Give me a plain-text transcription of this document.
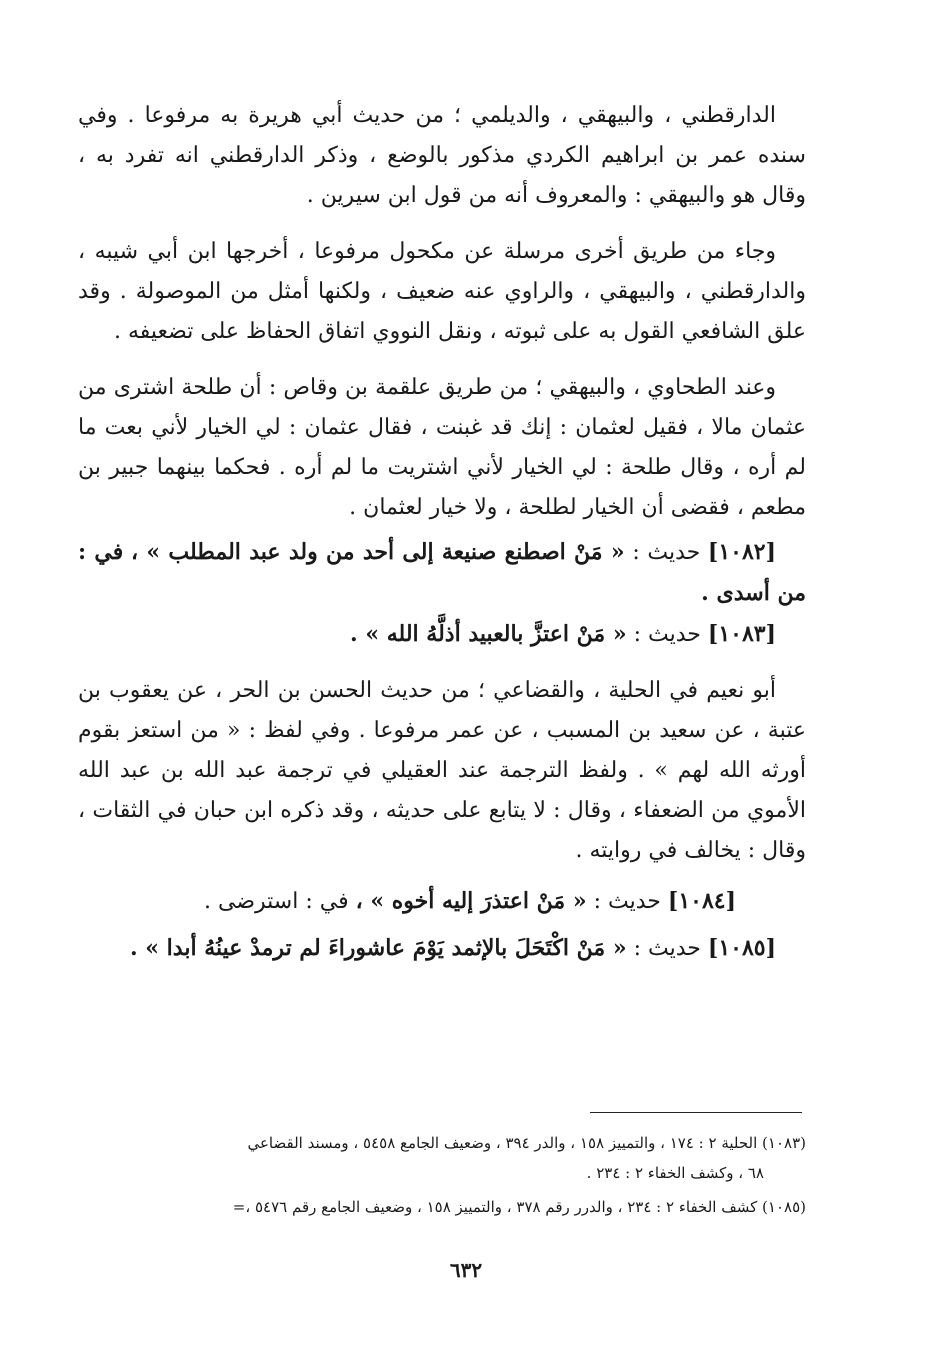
الدارقطني ، والبيهقي ، والديلمي ؛ من حديث أبي هريرة به مرفوعا . وفي سنده عمر بن ابراهيم الكردي مذكور بالوضع ، وذكر الدارقطني انه تفرد به ، وقال هو والبيهقي : والمعروف أنه من قول ابن سيرين .

وجاء من طريق أخرى مرسلة عن مكحول مرفوعا ، أخرجها ابن أبي شيبه ، والدارقطني ، والبيهقي ، والراوي عنه ضعيف ، ولكنها أمثل من الموصولة . وقد علق الشافعي القول به على ثبوته ، ونقل النووي اتفاق الحفاظ على تضعيفه .

وعند الطحاوي ، والبيهقي ؛ من طريق علقمة بن وقاص : أن طلحة اشترى من عثمان مالا ، فقيل لعثمان : إنك قد غبنت ، فقال عثمان : لي الخيار لأني بعت ما لم أره ، وقال طلحة : لي الخيار لأني اشتريت ما لم أره . فحكما بينهما جبير بن مطعم ، فقضى أن الخيار لطلحة ، ولا خيار لعثمان .

[١٠٨٢] حديث : « مَنْ اصطنع صنيعة إلى أحد من ولد عبد المطلب » ، في : من أسدى .

[١٠٨٣] حديث : « مَنْ اعتزَّ بالعبيد أذلَّهُ الله » .

أبو نعيم في الحلية ، والقضاعي ؛ من حديث الحسن بن الحر ، عن يعقوب بن عتبة ، عن سعيد بن المسبب ، عن عمر مرفوعا . وفي لفظ : « من استعز بقوم أورثه الله لهم » . ولفظ الترجمة عند العقيلي في ترجمة عبد الله بن عبد الله الأموي من الضعفاء ، وقال : لا يتابع على حديثه ، وقد ذكره ابن حبان في الثقات ، وقال : يخالف في روايته .

[١٠٨٤] حديث : « مَنْ اعتذرَ إليه أخوه » ، في : استرضى .

[١٠٨٥] حديث : « مَنْ اكْتَحَلَ بالإثمد يَوْمَ عاشوراءَ لم ترمدْ عينُهُ أبدا » .

(١٠٨٣) الحلية ٢ : ١٧٤ ، والتمييز ١٥٨ ، والدر ٣٩٤ ، وضعيف الجامع ٥٤٥٨ ، ومسند القضاعي
٦٨ ، وكشف الخفاء ٢ : ٢٣٤ .
(١٠٨٥) كشف الخفاء ٢ : ٢٣٤ ، والدرر رقم ٣٧٨ ، والتمييز ١٥٨ ، وضعيف الجامع رقم ٥٤٧٦ ،=
٦٣٢
